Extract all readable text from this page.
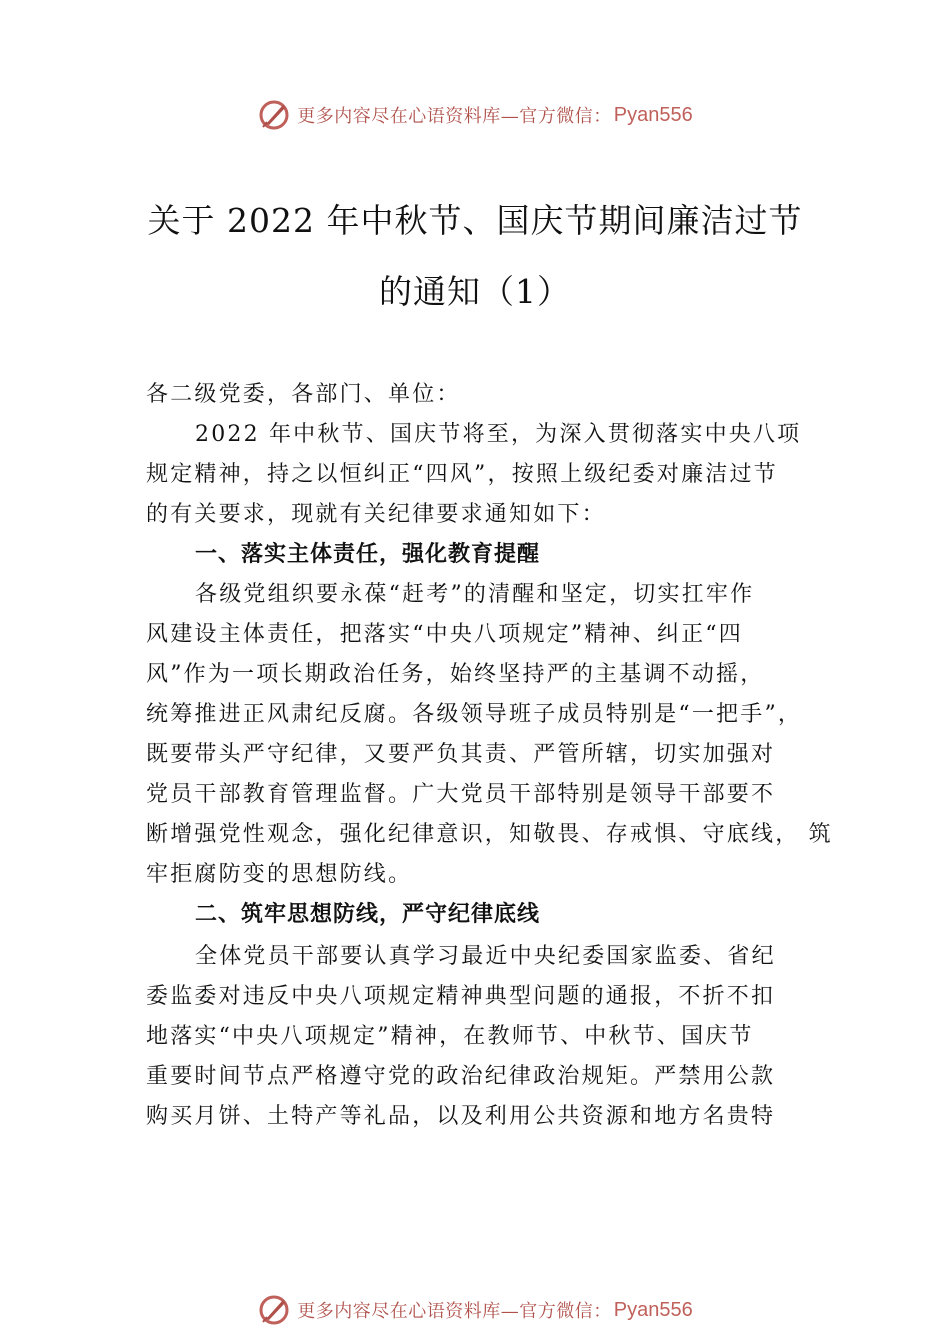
更多内容尽在心语资料库—官方微信： Pyan556
关于 2022 年中秋节、国庆节期间廉洁过节
的通知（1）
各二级党委，各部门、单位：
2022 年中秋节、国庆节将至，为深入贯彻落实中央八项
规定精神，持之以恒纠正“四风”，按照上级纪委对廉洁过节
的有关要求，现就有关纪律要求通知如下：
一、落实主体责任，强化教育提醒
各级党组织要永葆“赶考”的清醒和坚定，切实扛牢作
风建设主体责任，把落实“中央八项规定”精神、纠正“四
风”作为一项长期政治任务，始终坚持严的主基调不动摇，
统筹推进正风肃纪反腐。各级领导班子成员特别是“一把手”，
既要带头严守纪律，又要严负其责、严管所辖，切实加强对
党员干部教育管理监督。广大党员干部特别是领导干部要不
断增强党性观念，强化纪律意识，知敬畏、存戒惧、守底线， 筑
牢拒腐防变的思想防线。
二、筑牢思想防线，严守纪律底线
全体党员干部要认真学习最近中央纪委国家监委、省纪
委监委对违反中央八项规定精神典型问题的通报，不折不扣
地落实“中央八项规定”精神，在教师节、中秋节、国庆节
重要时间节点严格遵守党的政治纪律政治规矩。严禁用公款
购买月饼、土特产等礼品，以及利用公共资源和地方名贵特
更多内容尽在心语资料库—官方微信： Pyan556
